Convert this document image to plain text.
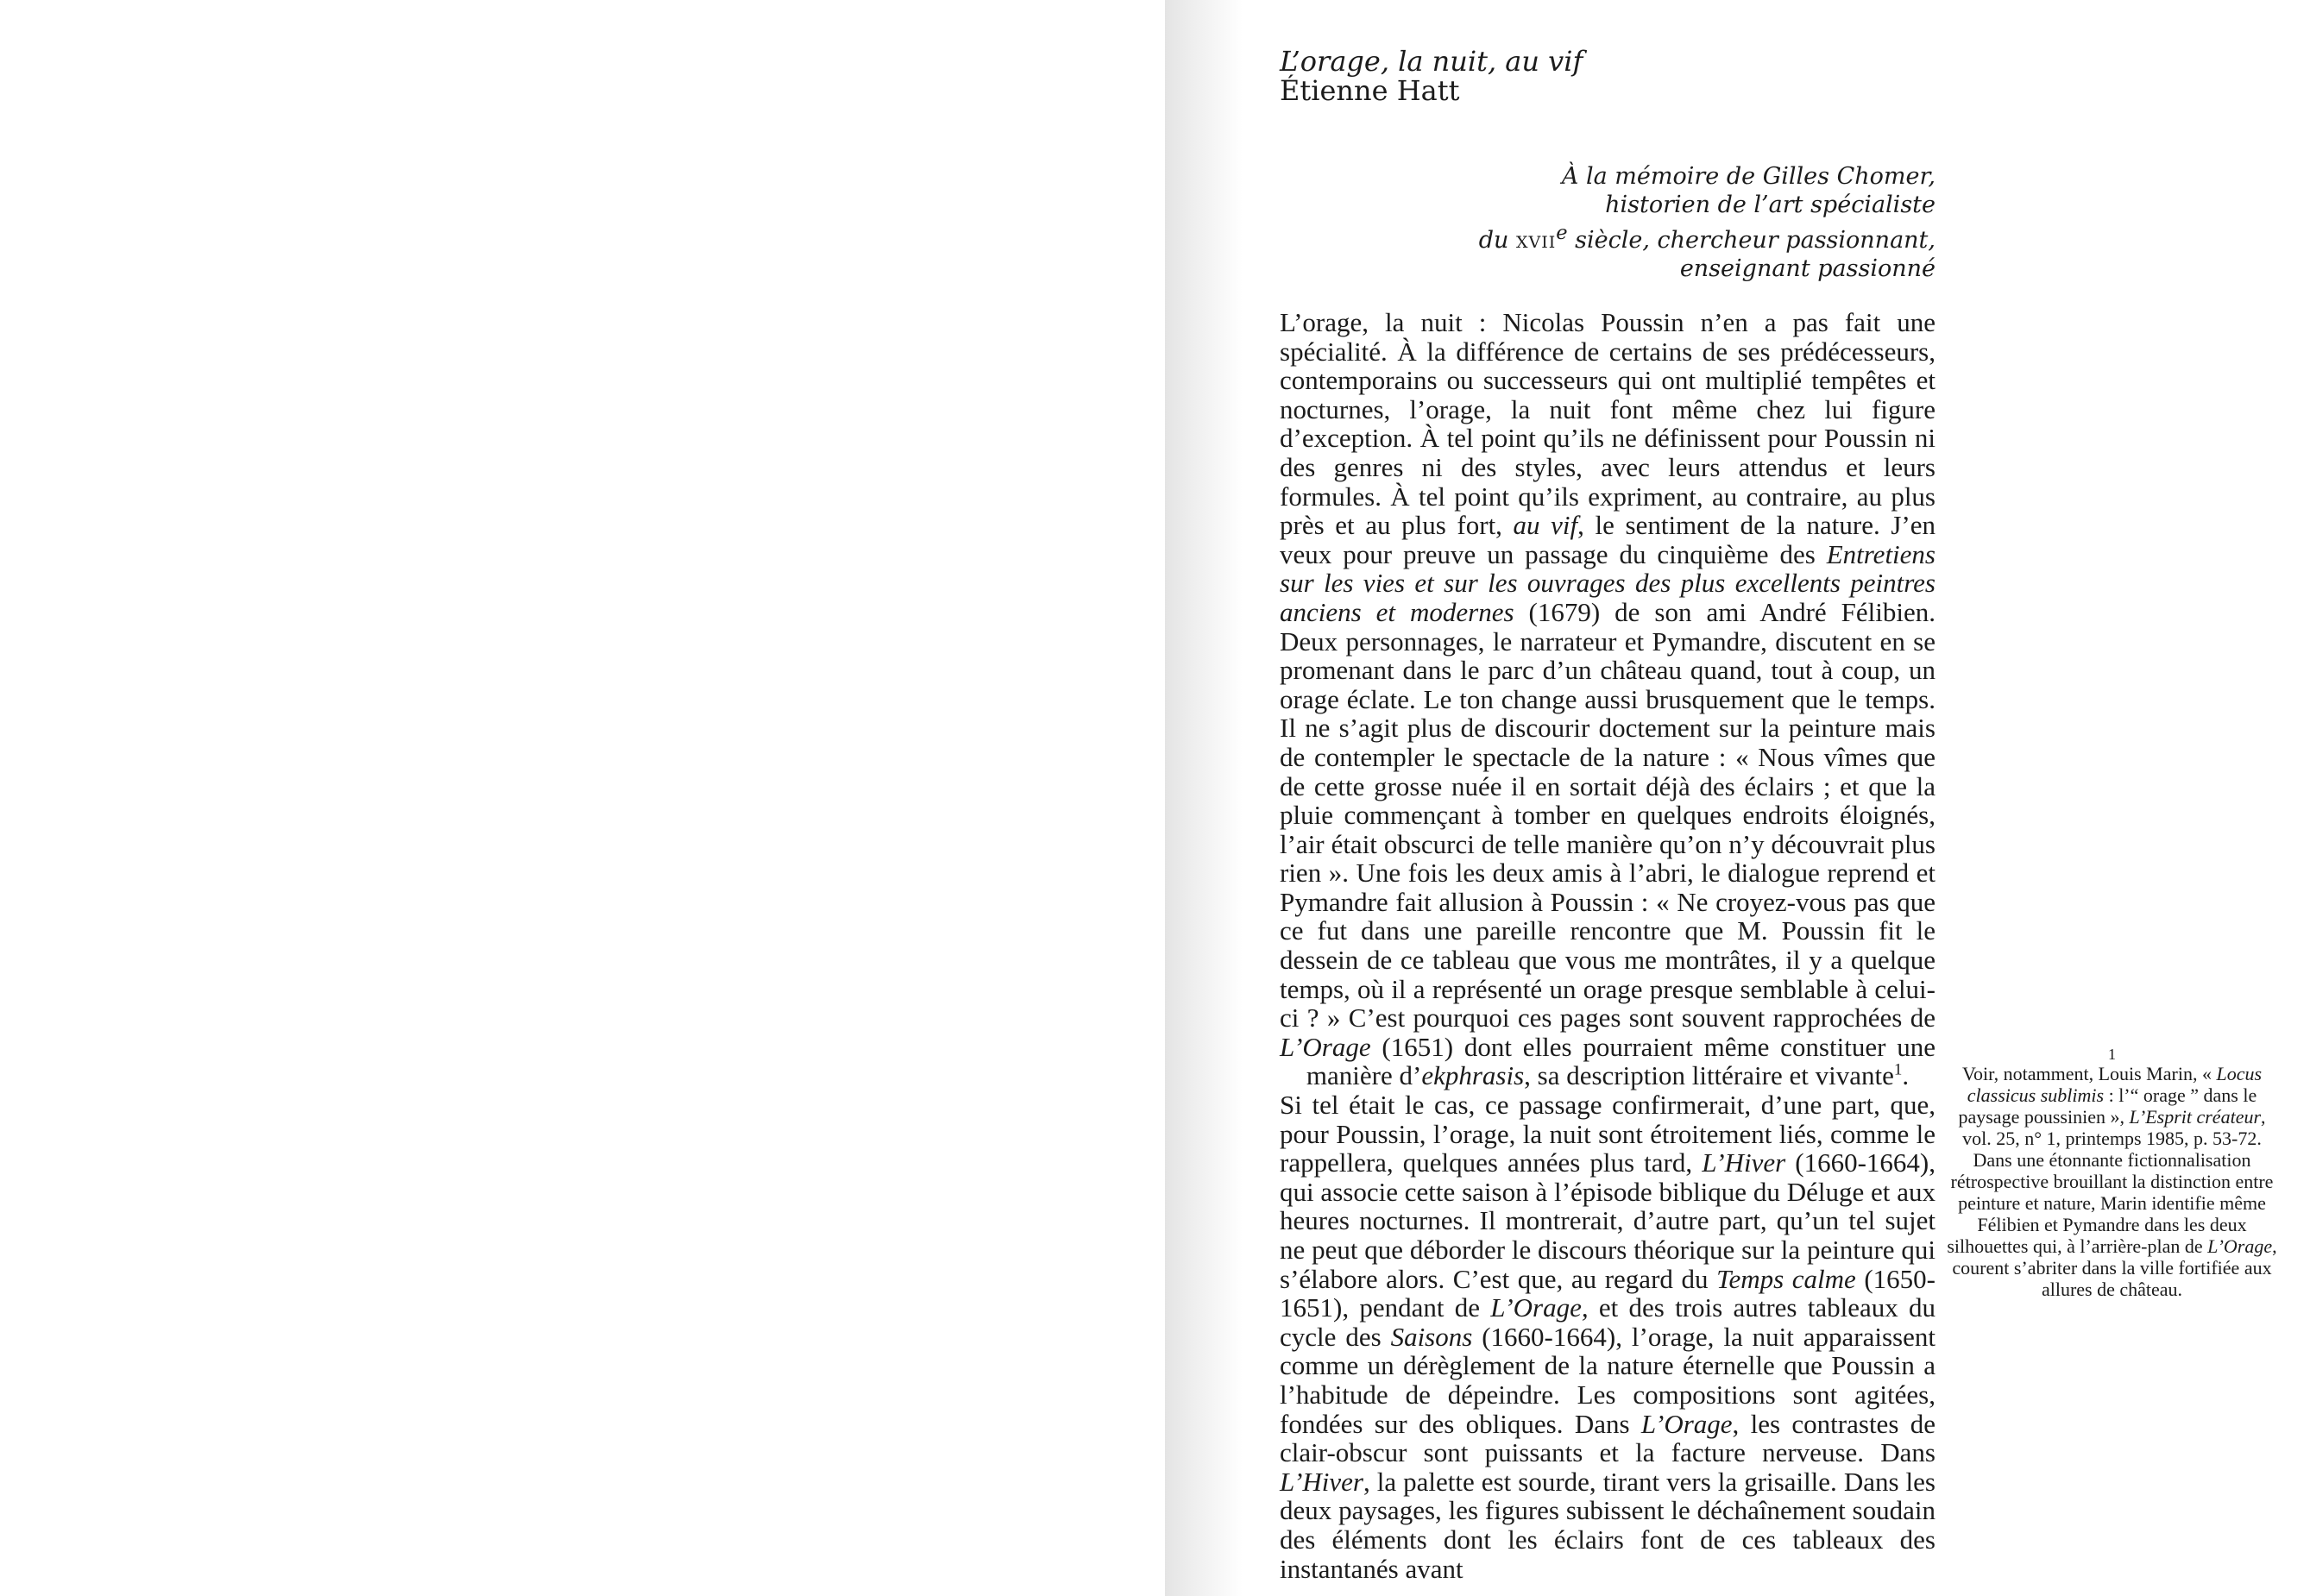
L’orage, la nuit, au vif
Étienne Hatt
À la mémoire de Gilles Chomer,
historien de l’art spécialiste
du xvii$^e$ siècle, chercheur passionnant,
enseignant passionné

L’orage, la nuit : Nicolas Poussin n’en a pas fait une spécialité. À la différence de certains de ses prédécesseurs, contemporains ou successeurs qui ont multiplié tempêtes et nocturnes, l’orage, la nuit font même chez lui figure d’exception. À tel point qu’ils ne définissent pour Poussin ni des genres ni des styles, avec leurs attendus et leurs formules. À tel point qu’ils expriment, au contraire, au plus près et au plus fort, au vif, le sentiment de la nature. J’en veux pour preuve un passage du cinquième des Entretiens sur les vies et sur les ouvrages des plus excellents peintres anciens et modernes (1679) de son ami André Félibien. Deux personnages, le narrateur et Pymandre, discutent en se promenant dans le parc d’un château quand, tout à coup, un orage éclate. Le ton change aussi brusquement que le temps. Il ne s’agit plus de discourir doctement sur la peinture mais de contempler le spectacle de la nature : « Nous vîmes que de cette grosse nuée il en sortait déjà des éclairs ; et que la pluie commençant à tomber en quelques endroits éloignés, l’air était obscurci de telle manière qu’on n’y découvrait plus rien ». Une fois les deux amis à l’abri, le dialogue reprend et Pymandre fait allusion à Poussin : « Ne croyez-vous pas que ce fut dans une pareille rencontre que M. Poussin fit le dessein de ce tableau que vous me montrâtes, il y a quelque temps, où il a représenté un orage presque semblable à celui-ci ? » C’est pourquoi ces pages sont souvent rapprochées de L’Orage (1651) dont elles pourraient même constituer une manière d’ekphrasis, sa description littéraire et vivante$^1$.

Si tel était le cas, ce passage confirmerait, d’une part, que, pour Poussin, l’orage, la nuit sont étroitement liés, comme le rappellera, quelques années plus tard, L’Hiver (1660-1664), qui associe cette saison à l’épisode biblique du Déluge et aux heures nocturnes. Il montrerait, d’autre part, qu’un tel sujet ne peut que déborder le discours théorique sur la peinture qui s’élabore alors. C’est que, au regard du Temps calme (1650-1651), pendant de L’Orage, et des trois autres tableaux du cycle des Saisons (1660-1664), l’orage, la nuit apparaissent comme un dérèglement de la nature éternelle que Poussin a l’habitude de dépeindre. Les compositions sont agitées, fondées sur des obliques. Dans L’Orage, les contrastes de clair-obscur sont puissants et la facture nerveuse. Dans L’Hiver, la palette est sourde, tirant vers la grisaille. Dans les deux paysages, les figures subissent le déchaînement soudain des éléments dont les éclairs font de ces tableaux des instantanés avant

1
Voir, notamment, Louis Marin, « Locus classicus sublimis : l’“ orage ” dans le paysage poussinien », L’Esprit créateur, vol. 25, n° 1, printemps 1985, p. 53-72. Dans une étonnante fictionnalisation rétrospective brouillant la distinction entre peinture et nature, Marin identifie même Félibien et Pymandre dans les deux silhouettes qui, à l’arrière-plan de L’Orage, courent s’abriter dans la ville fortifiée aux allures de château.
